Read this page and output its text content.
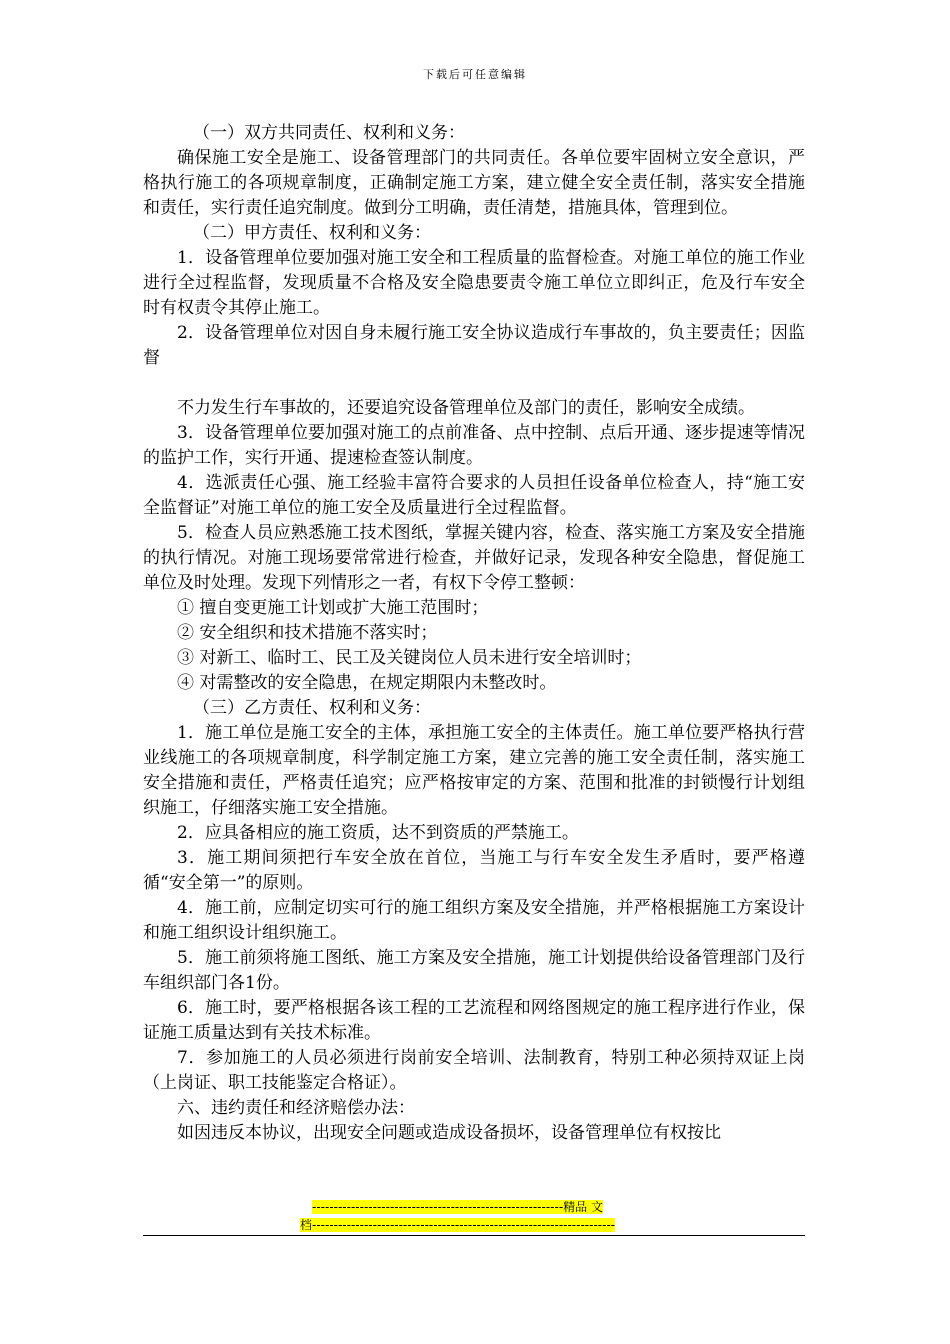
下载后可任意编辑

（一）双方共同责任、权利和义务：

确保施工安全是施工、设备管理部门的共同责任。各单位要牢固树立安全意识，严格执行施工的各项规章制度，正确制定施工方案，建立健全安全责任制，落实安全措施和责任，实行责任追究制度。做到分工明确，责任清楚，措施具体，管理到位。

（二）甲方责任、权利和义务：

1．设备管理单位要加强对施工安全和工程质量的监督检查。对施工单位的施工作业进行全过程监督，发现质量不合格及安全隐患要责令施工单位立即纠正，危及行车安全时有权责令其停止施工。

2．设备管理单位对因自身未履行施工安全协议造成行车事故的，负主要责任；因监督

不力发生行车事故的，还要追究设备管理单位及部门的责任，影响安全成绩。

3．设备管理单位要加强对施工的点前准备、点中控制、点后开通、逐步提速等情况的监护工作，实行开通、提速检查签认制度。

4．选派责任心强、施工经验丰富符合要求的人员担任设备单位检查人，持“施工安全监督证”对施工单位的施工安全及质量进行全过程监督。

5．检查人员应熟悉施工技术图纸，掌握关键内容，检查、落实施工方案及安全措施的执行情况。对施工现场要常常进行检查，并做好记录，发现各种安全隐患，督促施工单位及时处理。发现下列情形之一者，有权下令停工整顿：

① 擅自变更施工计划或扩大施工范围时；

② 安全组织和技术措施不落实时；

③ 对新工、临时工、民工及关键岗位人员未进行安全培训时；

④ 对需整改的安全隐患，在规定期限内未整改时。

（三）乙方责任、权利和义务：

1．施工单位是施工安全的主体，承担施工安全的主体责任。施工单位要严格执行营业线施工的各项规章制度，科学制定施工方案，建立完善的施工安全责任制，落实施工安全措施和责任，严格责任追究；应严格按审定的方案、范围和批准的封锁慢行计划组织施工，仔细落实施工安全措施。

2．应具备相应的施工资质，达不到资质的严禁施工。

3．施工期间须把行车安全放在首位，当施工与行车安全发生矛盾时，要严格遵循“安全第一”的原则。

4．施工前，应制定切实可行的施工组织方案及安全措施，并严格根据施工方案设计和施工组织设计组织施工。

5．施工前须将施工图纸、施工方案及安全措施，施工计划提供给设备管理部门及行车组织部门各1份。

6．施工时，要严格根据各该工程的工艺流程和网络图规定的施工程序进行作业，保证施工质量达到有关技术标准。

7．参加施工的人员必须进行岗前安全培训、法制教育，特别工种必须持双证上岗（上岗证、职工技能鉴定合格证）。

六、违约责任和经济赔偿办法：

如因违反本协议，出现安全问题或造成设备损坏，设备管理单位有权按比

----------------------------------------------------------精品 文
档----------------------------------------------------------------------
